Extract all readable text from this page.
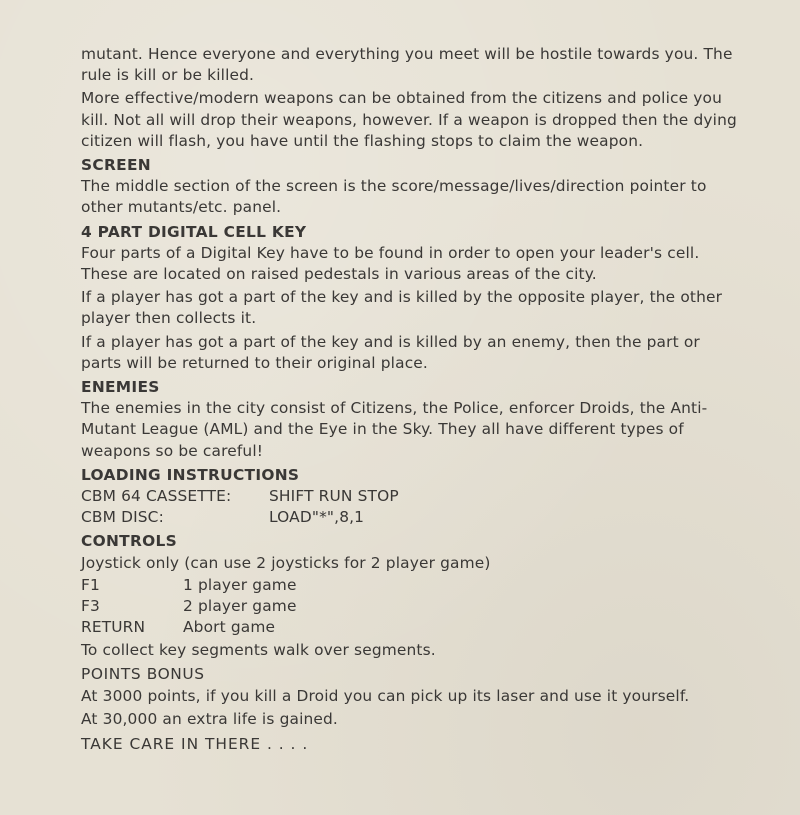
mutant. Hence everyone and everything you meet will be hostile towards you. The rule is kill or be killed.

More effective/modern weapons can be obtained from the citizens and police you kill. Not all will drop their weapons, however. If a weapon is dropped then the dying citizen will flash, you have until the flashing stops to claim the weapon.

SCREEN

The middle section of the screen is the score/message/lives/direction pointer to other mutants/etc. panel.

4 PART DIGITAL CELL KEY

Four parts of a Digital Key have to be found in order to open your leader's cell. These are located on raised pedestals in various areas of the city.

If a player has got a part of the key and is killed by the opposite player, the other player then collects it.

If a player has got a part of the key and is killed by an enemy, then the part or parts will be returned to their original place.

ENEMIES

The enemies in the city consist of Citizens, the Police, enforcer Droids, the Anti-Mutant League (AML) and the Eye in the Sky. They all have different types of weapons so be careful!

LOADING INSTRUCTIONS
CBM 64 CASSETTE:	SHIFT RUN STOP
CBM DISC:	LOAD"*",8,1
CONTROLS

Joystick only (can use 2 joysticks for 2 player game)

F1	1 player game
F3	2 player game
RETURN	Abort game

To collect key segments walk over segments.

POINTS BONUS

At 3000 points, if you kill a Droid you can pick up its laser and use it yourself.

At 30,000 an extra life is gained.

TAKE CARE IN THERE . . . .
